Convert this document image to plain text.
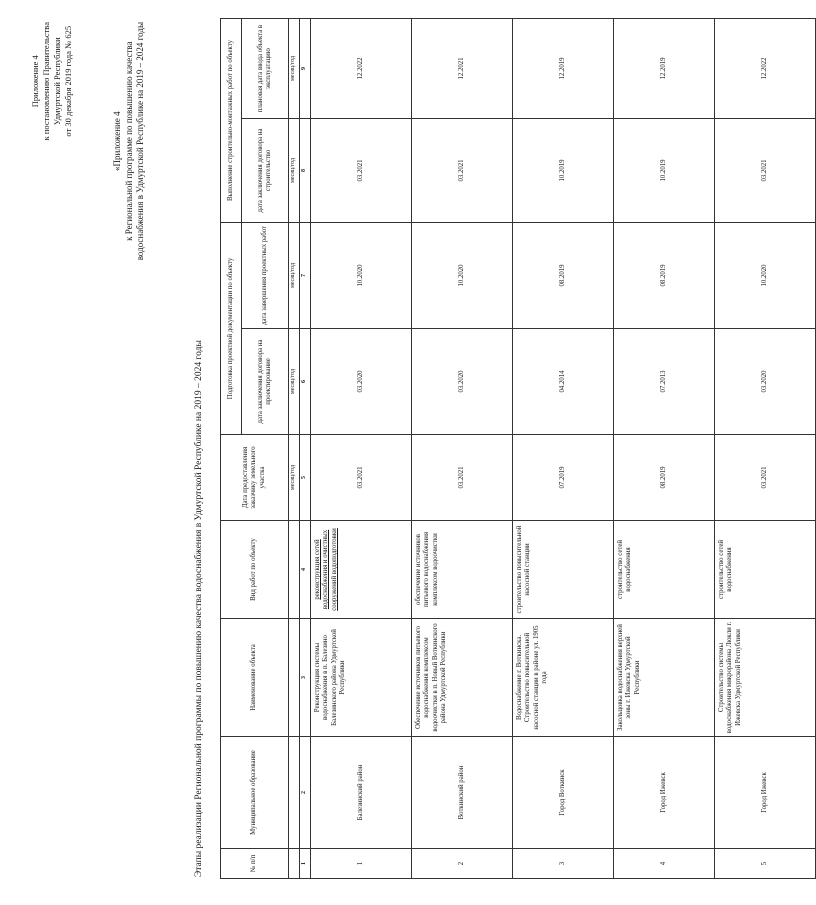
Приложение 4 к постановлению Правительства Удмуртской Республики от 30 декабря 2019 года № 625
«Приложение 4 к Региональной программе по повышению качества водоснабжения в Удмуртской Республике на 2019 – 2024 годы
Этапы реализации Региональной программы по повышению качества водоснабжения в Удмуртской Республике на 2019 – 2024 годы	№ п/п	Муниципальное образование	Наименование объекта	Вид работ по объекту	Дата предоставления заказчику земельного участка	Подготовка проектной документации по объекту		Выполнение строительно-монтажных работ по объекту	
					дата заключения договора на проектирование	дата завершения проектных работ	дата заключения договора на строительство	плановая дата ввода объекта в эксплуатацию
				месяц/год	месяц/год	месяц/год	месяц/год	месяц/год
1	2	3	4	5	6	7	8	9
1	Балезинский район	Реконструкция системы водоснабжения в п. Балезино Балезинского района Удмуртской Республики	реконструкция сетей водоснабжения и очистных сооружений водоподготовки	03.2021	03.2020	10.2020	03.2021	12.2022
2	Воткинский район	Обеспечение источников питьевого водоснабжения комплексом водоочистки в п. Новый Воткинского района Удмуртской Республики	обеспечение источников питьевого водоснабжения комплексом водоочистки	03.2021	03.2020	10.2020	03.2021	12.2021
3	Город Воткинск	Водоснабжение г. Воткинска. Строительство повысительной насосной станции в районе ул. 1905 года	строительство повысительной насосной станции	07.2019	04.2014	08.2019	10.2019	12.2019
4	Город Ижевск	Закольцовка водоснабжения верхней зоны г. Ижевска Удмуртской Республики	строительство сетей водоснабжения	08.2019	07.2013	08.2019	10.2019	12.2019
5	Город Ижевск	Строительство системы водоснабжения микрорайона Люкли г. Ижевска Удмуртской Республики	строительство сетей водоснабжения	03.2021	03.2020	10.2020	03.2021	12.2022
